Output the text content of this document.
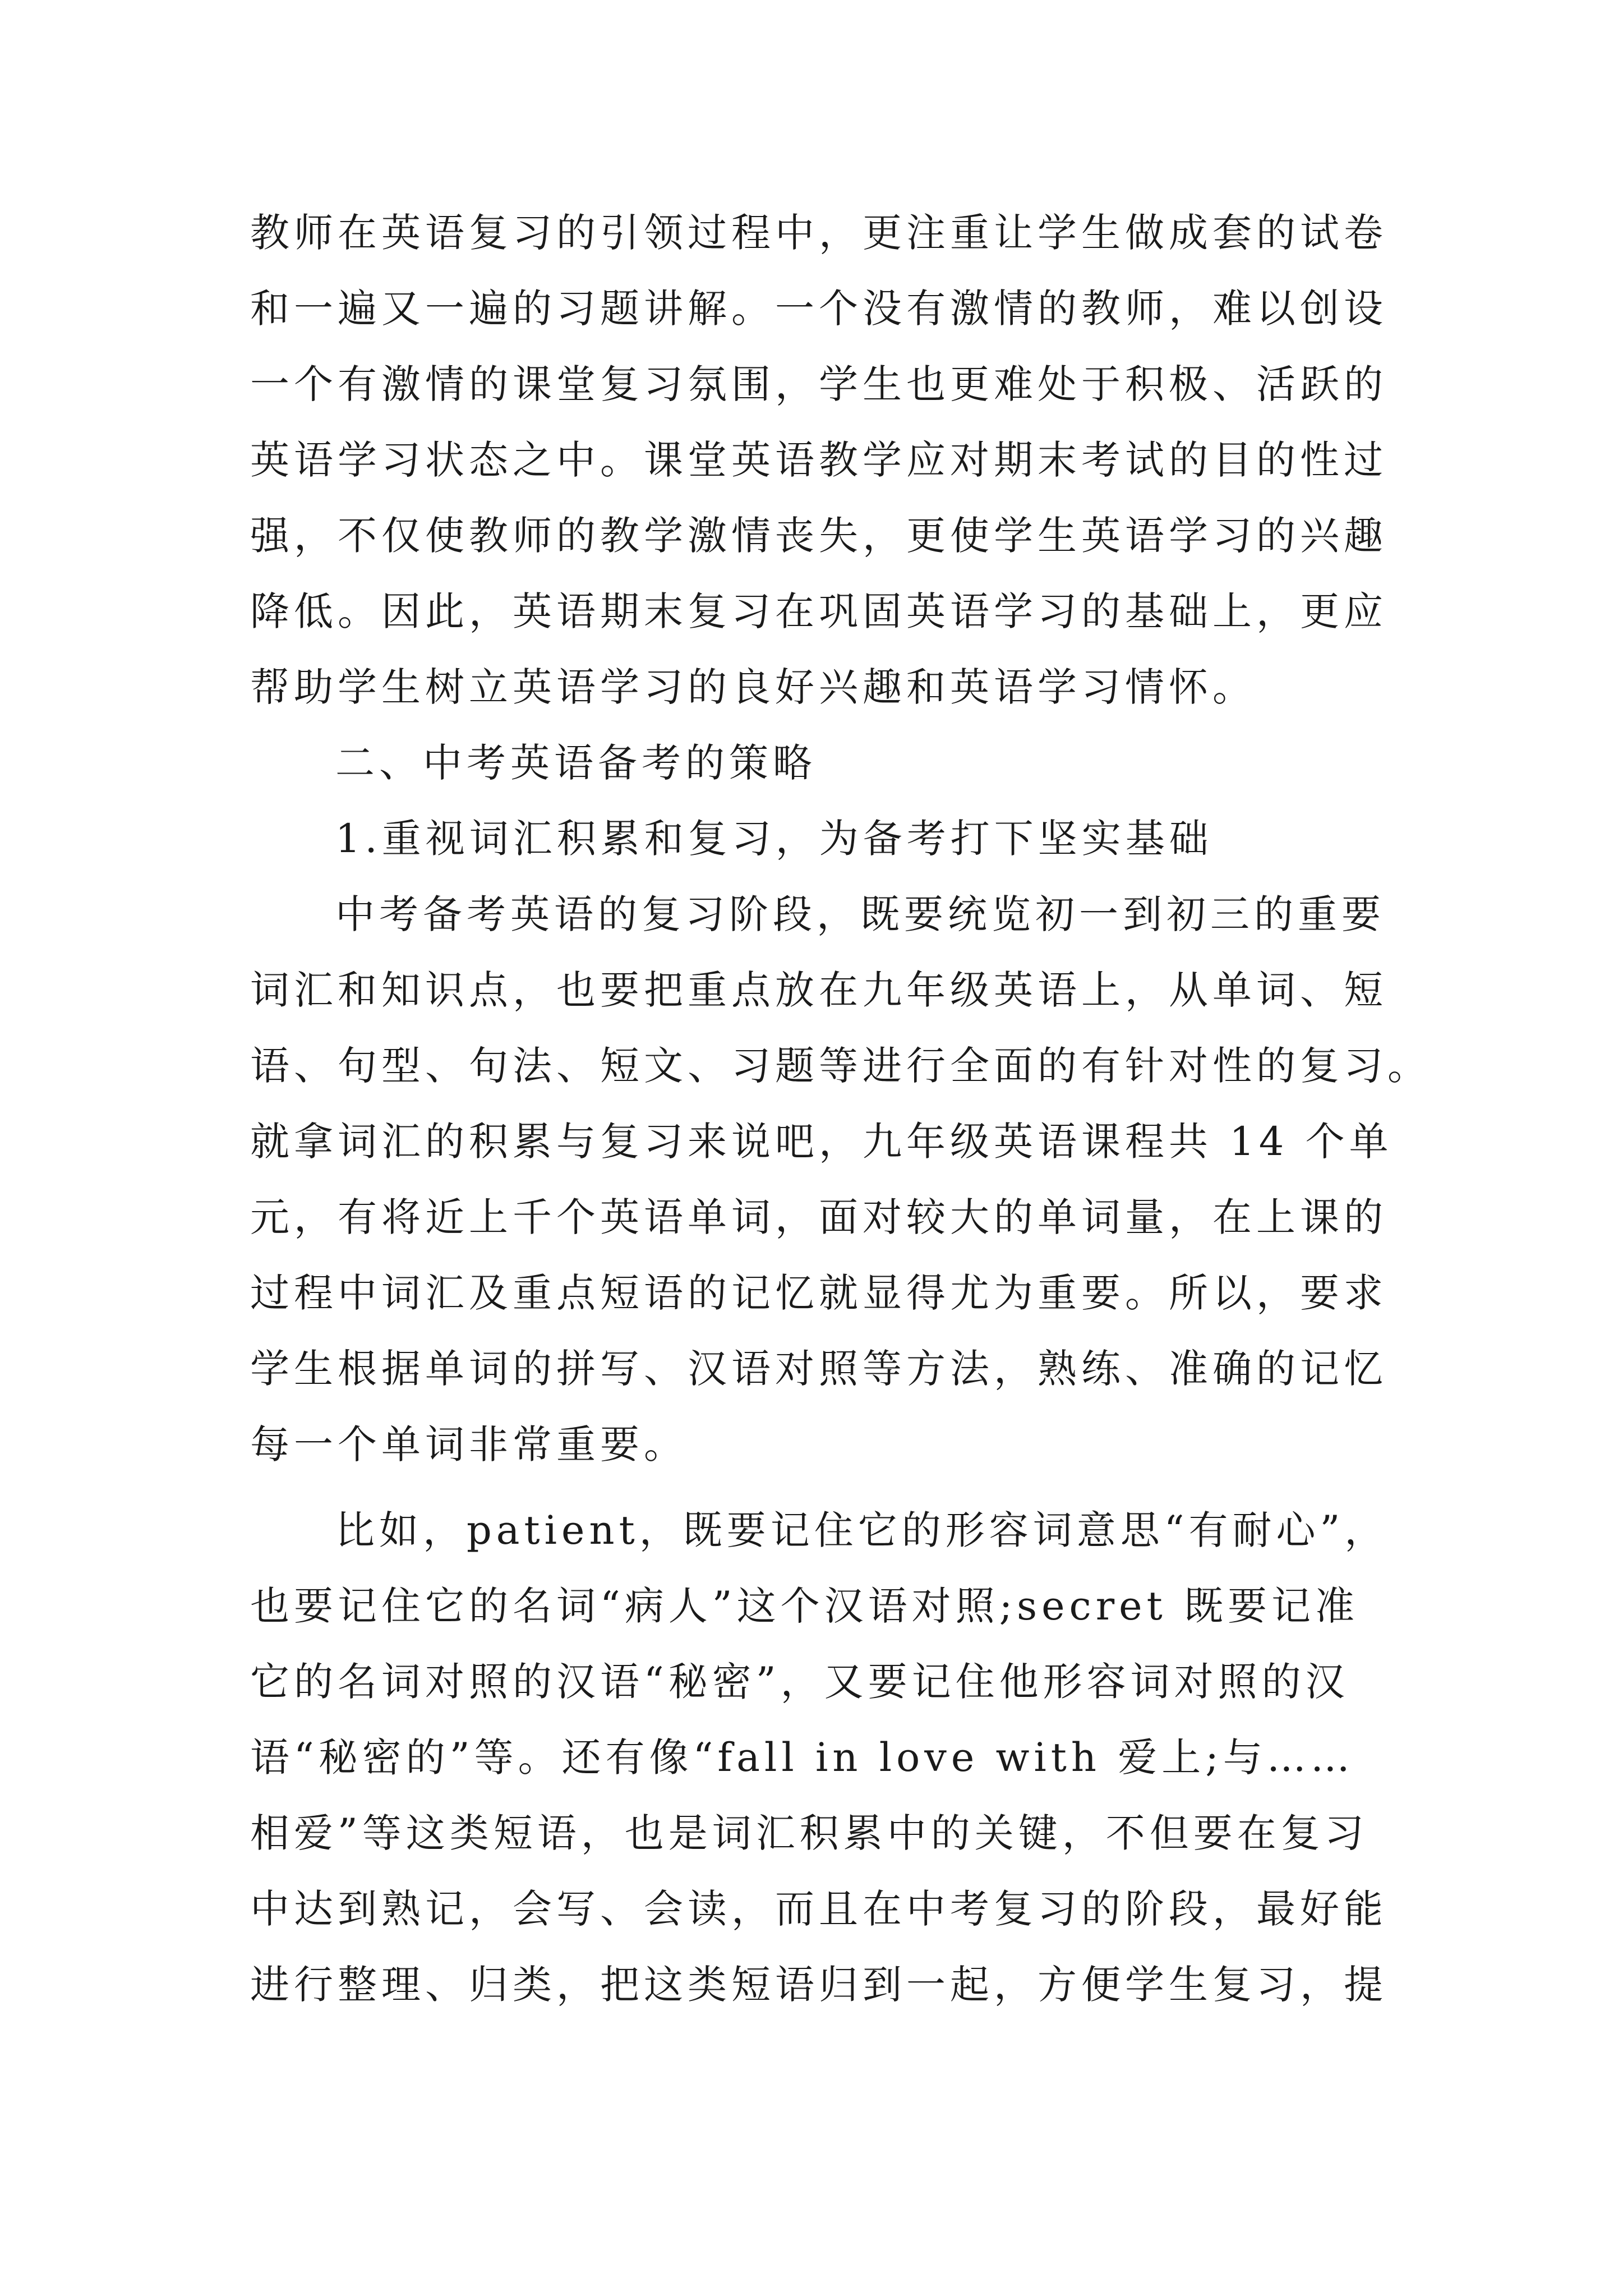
教师在英语复习的引领过程中，更注重让学生做成套的试卷
和一遍又一遍的习题讲解。一个没有激情的教师，难以创设
一个有激情的课堂复习氛围，学生也更难处于积极、活跃的
英语学习状态之中。课堂英语教学应对期末考试的目的性过
强，不仅使教师的教学激情丧失，更使学生英语学习的兴趣
降低。因此，英语期末复习在巩固英语学习的基础上，更应
帮助学生树立英语学习的良好兴趣和英语学习情怀。
二、中考英语备考的策略
1.重视词汇积累和复习，为备考打下坚实基础
中考备考英语的复习阶段，既要统览初一到初三的重要
词汇和知识点，也要把重点放在九年级英语上，从单词、短
语、句型、句法、短文、习题等进行全面的有针对性的复习。
就拿词汇的积累与复习来说吧，九年级英语课程共 14 个单
元，有将近上千个英语单词，面对较大的单词量，在上课的
过程中词汇及重点短语的记忆就显得尤为重要。所以，要求
学生根据单词的拼写、汉语对照等方法，熟练、准确的记忆
每一个单词非常重要。
比如，patient，既要记住它的形容词意思“有耐心”，
也要记住它的名词“病人”这个汉语对照;secret 既要记准
它的名词对照的汉语“秘密”，又要记住他形容词对照的汉
语“秘密的”等。还有像“fall in love with 爱上;与……
相爱”等这类短语，也是词汇积累中的关键，不但要在复习
中达到熟记，会写、会读，而且在中考复习的阶段，最好能
进行整理、归类，把这类短语归到一起，方便学生复习，提
